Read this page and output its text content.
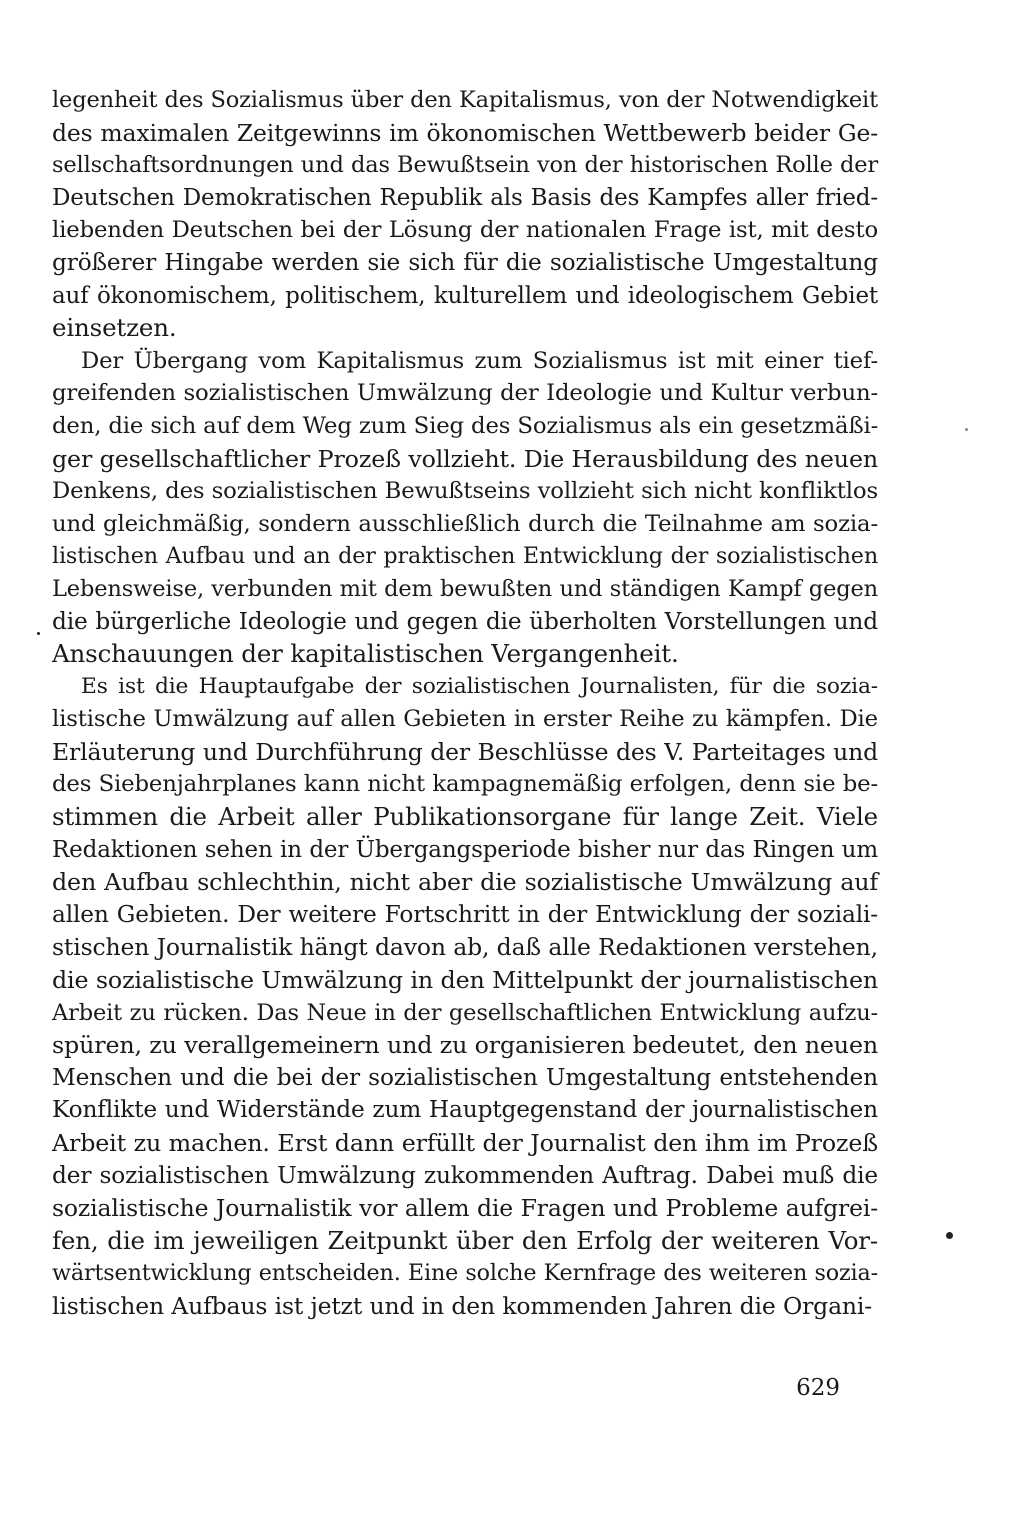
legenheit des Sozialismus über den Kapitalismus, von der Notwendigkeit
des maximalen Zeitgewinns im ökonomischen Wettbewerb beider Ge-
sellschaftsordnungen und das Bewußtsein von der historischen Rolle der
Deutschen Demokratischen Republik als Basis des Kampfes aller fried-
liebenden Deutschen bei der Lösung der nationalen Frage ist, mit desto
größerer Hingabe werden sie sich für die sozialistische Umgestaltung
auf ökonomischem, politischem, kulturellem und ideologischem Gebiet
einsetzen.
Der Übergang vom Kapitalismus zum Sozialismus ist mit einer tief-
greifenden sozialistischen Umwälzung der Ideologie und Kultur verbun-
den, die sich auf dem Weg zum Sieg des Sozialismus als ein gesetzmäßi-
ger gesellschaftlicher Prozeß vollzieht. Die Herausbildung des neuen
Denkens, des sozialistischen Bewußtseins vollzieht sich nicht konfliktlos
und gleichmäßig, sondern ausschließlich durch die Teilnahme am sozia-
listischen Aufbau und an der praktischen Entwicklung der sozialistischen
Lebensweise, verbunden mit dem bewußten und ständigen Kampf gegen
die bürgerliche Ideologie und gegen die überholten Vorstellungen und
Anschauungen der kapitalistischen Vergangenheit.
Es ist die Hauptaufgabe der sozialistischen Journalisten, für die sozia-
listische Umwälzung auf allen Gebieten in erster Reihe zu kämpfen. Die
Erläuterung und Durchführung der Beschlüsse des V. Parteitages und
des Siebenjahrplanes kann nicht kampagnemäßig erfolgen, denn sie be-
stimmen die Arbeit aller Publikationsorgane für lange Zeit. Viele
Redaktionen sehen in der Übergangsperiode bisher nur das Ringen um
den Aufbau schlechthin, nicht aber die sozialistische Umwälzung auf
allen Gebieten. Der weitere Fortschritt in der Entwicklung der soziali-
stischen Journalistik hängt davon ab, daß alle Redaktionen verstehen,
die sozialistische Umwälzung in den Mittelpunkt der journalistischen
Arbeit zu rücken. Das Neue in der gesellschaftlichen Entwicklung aufzu-
spüren, zu verallgemeinern und zu organisieren bedeutet, den neuen
Menschen und die bei der sozialistischen Umgestaltung entstehenden
Konflikte und Widerstände zum Hauptgegenstand der journalistischen
Arbeit zu machen. Erst dann erfüllt der Journalist den ihm im Prozeß
der sozialistischen Umwälzung zukommenden Auftrag. Dabei muß die
sozialistische Journalistik vor allem die Fragen und Probleme aufgrei-
fen, die im jeweiligen Zeitpunkt über den Erfolg der weiteren Vor-
wärtsentwicklung entscheiden. Eine solche Kernfrage des weiteren sozia-
listischen Aufbaus ist jetzt und in den kommenden Jahren die Organi-
629
